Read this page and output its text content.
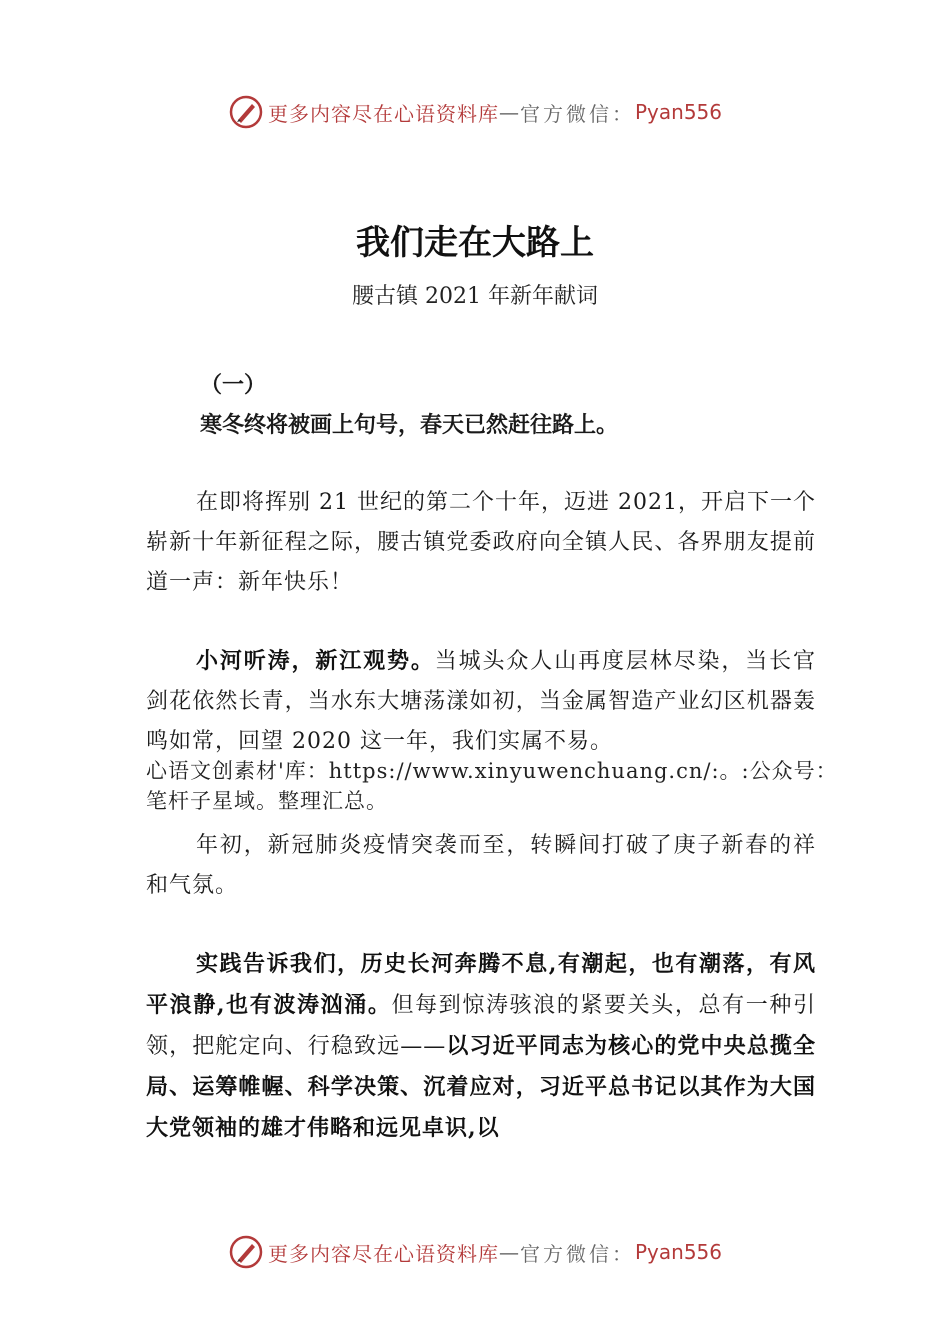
更多内容尽在心语资料库 — 官方微信： Pyan556
我们走在大路上
腰古镇 2021 年新年献词

（一）

寒冬终将被画上句号，春天已然赶往路上。

在即将挥别 21 世纪的第二个十年，迈进 2021，开启下一个崭新十年新征程之际，腰古镇党委政府向全镇人民、各界朋友提前道一声：新年快乐！

小河听涛，新江观势。当城头众人山再度层林尽染，当长官剑花依然长青，当水东大塘荡漾如初，当金属智造产业幻区机器轰鸣如常，回望 2020 这一年，我们实属不易。

心语文创素材'库：https://www.xinyuwenchuang.cn/:。:公众号：笔杆子星域。整理汇总。

年初，新冠肺炎疫情突袭而至，转瞬间打破了庚子新春的祥和气氛。

实践告诉我们，历史长河奔腾不息,有潮起，也有潮落，有风平浪静,也有波涛汹涌。但每到惊涛骇浪的紧要关头，总有一种引领，把舵定向、行稳致远——以习近平同志为核心的党中央总揽全局、运筹帷幄、科学决策、沉着应对，习近平总书记以其作为大国大党领袖的雄才伟略和远见卓识,以

更多内容尽在心语资料库 — 官方微信： Pyan556
